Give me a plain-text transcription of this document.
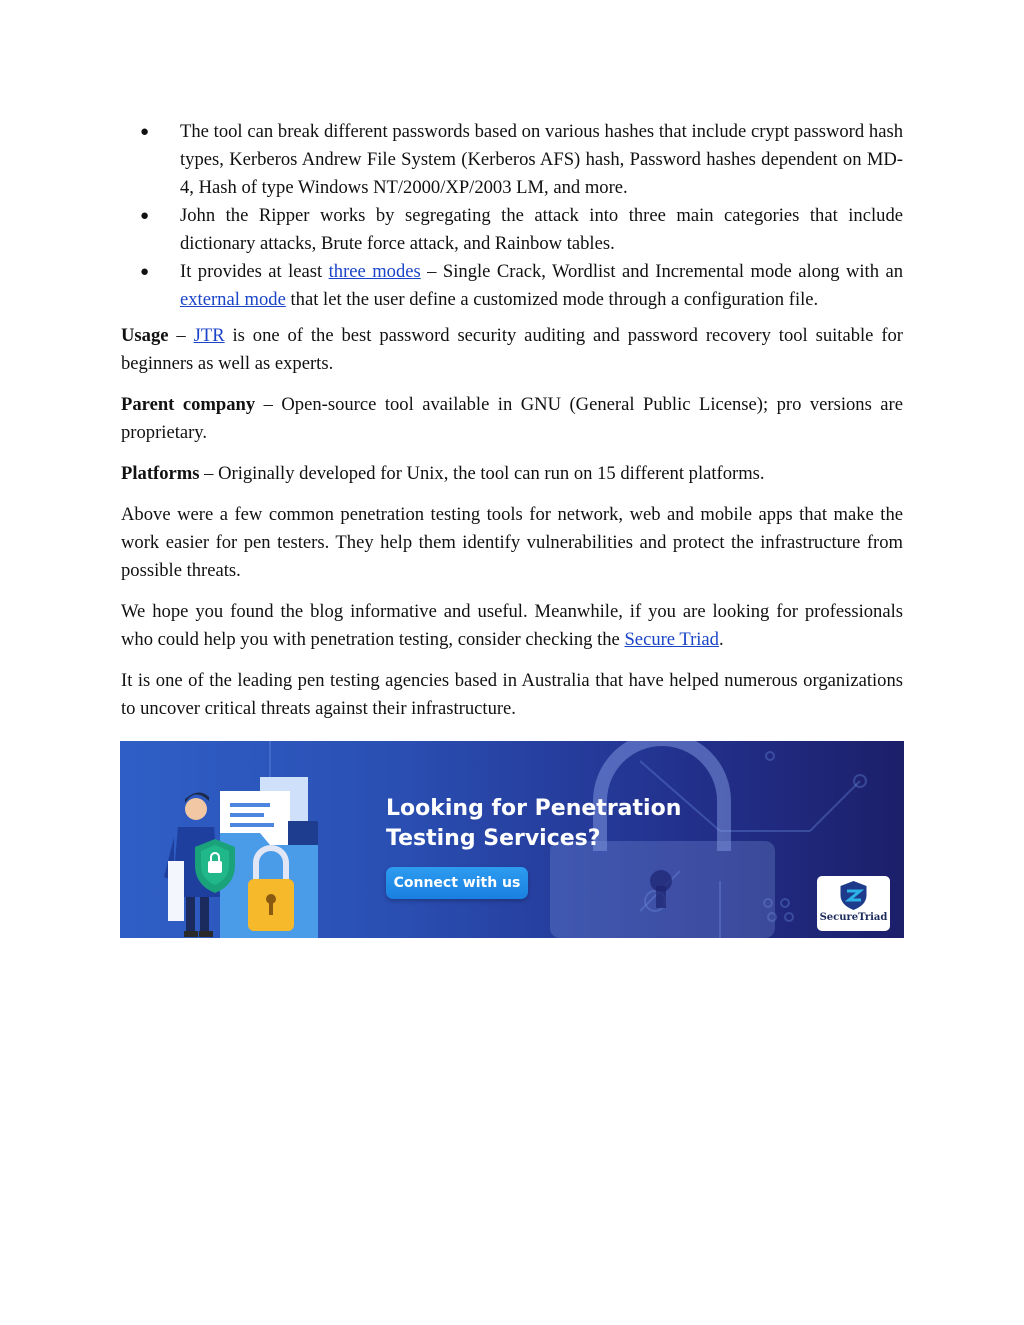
● The tool can break different passwords based on various hashes that include crypt password hash types, Kerberos Andrew File System (Kerberos AFS) hash, Password hashes dependent on MD-4, Hash of type Windows NT/2000/XP/2003 LM, and more.
● John the Ripper works by segregating the attack into three main categories that include dictionary attacks, Brute force attack, and Rainbow tables.
● It provides at least three modes – Single Crack, Wordlist and Incremental mode along with an external mode that let the user define a customized mode through a configuration file.

Usage – JTR is one of the best password security auditing and password recovery tool suitable for beginners as well as experts.

Parent company – Open-source tool available in GNU (General Public License); pro versions are proprietary.

Platforms – Originally developed for Unix, the tool can run on 15 different platforms.

Above were a few common penetration testing tools for network, web and mobile apps that make the work easier for pen testers. They help them identify vulnerabilities and protect the infrastructure from possible threats.

We hope you found the blog informative and useful. Meanwhile, if you are looking for professionals who could help you with penetration testing, consider checking the Secure Triad.

It is one of the leading pen testing agencies based in Australia that have helped numerous organizations to uncover critical threats against their infrastructure.

Looking for Penetration
Testing Services?
Connect with us
SecureTriad
